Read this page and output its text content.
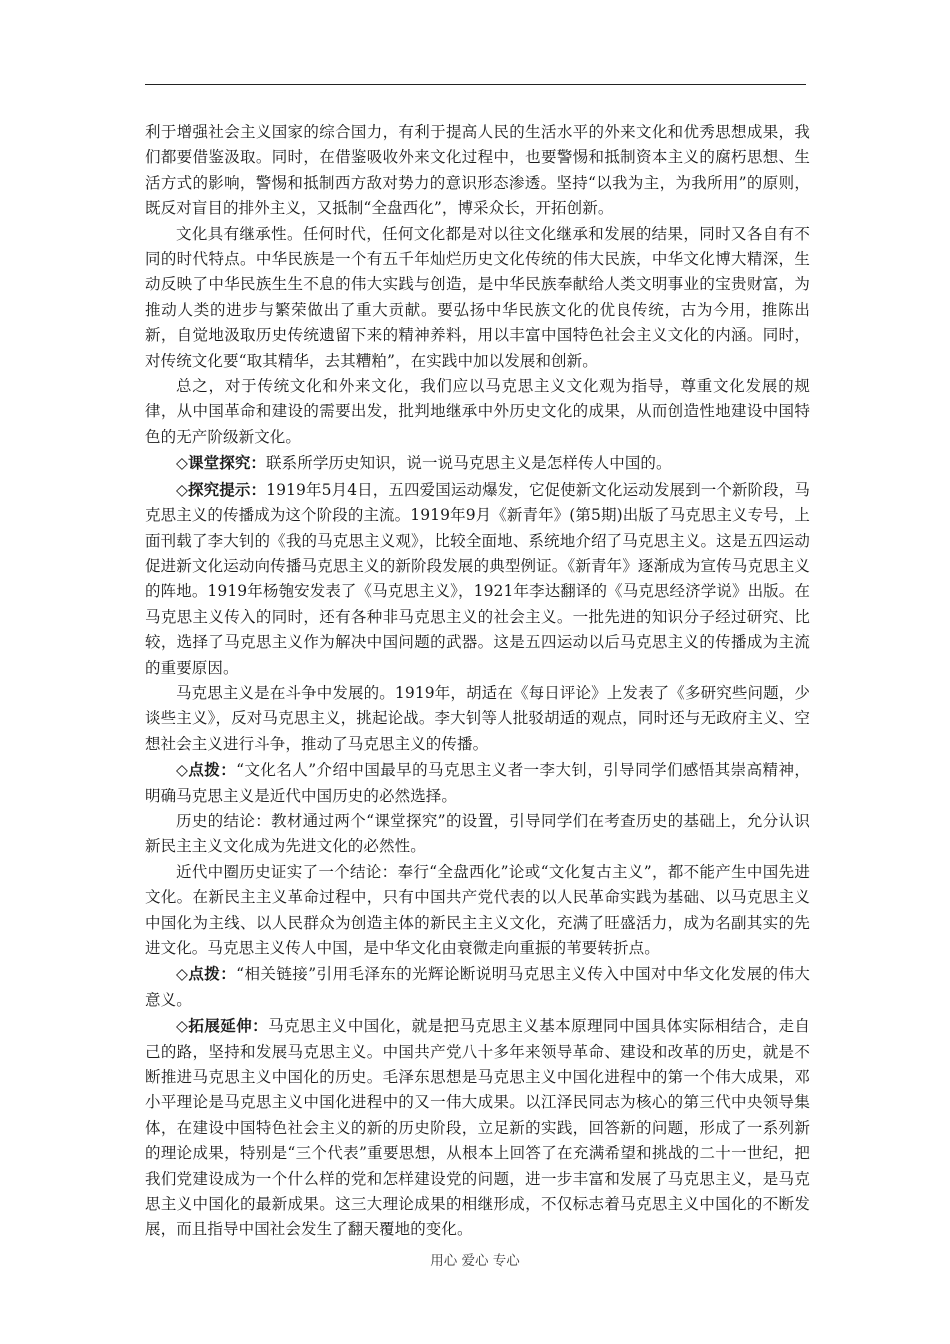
利于增强社会主义国家的综合国力，有利于提高人民的生活水平的外来文化和优秀思想成果，我们都要借鉴汲取。同时，在借鉴吸收外来文化过程中，也要警惕和抵制资本主义的腐朽思想、生活方式的影响，警惕和抵制西方敌对势力的意识形态渗透。坚持“以我为主，为我所用”的原则，既反对盲目的排外主义，又抵制“全盘西化”，博采众长，开拓创新。

文化具有继承性。任何时代，任何文化都是对以往文化继承和发展的结果，同时又各自有不同的时代特点。中华民族是一个有五千年灿烂历史文化传统的伟大民族，中华文化博大精深，生动反映了中华民族生生不息的伟大实践与创造，是中华民族奉献给人类文明事业的宝贵财富，为推动人类的进步与繁荣做出了重大贡献。要弘扬中华民族文化的优良传统，古为今用，推陈出新，自觉地汲取历史传统遗留下来的精神养料，用以丰富中国特色社会主义文化的内涵。同时，对传统文化要“取其精华，去其糟粕”，在实践中加以发展和创新。

总之，对于传统文化和外来文化，我们应以马克思主义文化观为指导，尊重文化发展的规律，从中国革命和建设的需要出发，批判地继承中外历史文化的成果，从而创造性地建设中国特色的无产阶级新文化。

◇课堂探究：联系所学历史知识，说一说马克思主义是怎样传人中国的。

◇探究提示：1919年5月4日，五四爱国运动爆发，它促使新文化运动发展到一个新阶段，马克思主义的传播成为这个阶段的主流。1919年9月《新青年》(第5期)出版了马克思主义专号，上面刊载了李大钊的《我的马克思主义观》，比较全面地、系统地介绍了马克思主义。这是五四运动促进新文化运动向传播马克思主义的新阶段发展的典型例证。《新青年》逐渐成为宣传马克思主义的阵地。1919年杨匏安发表了《马克思主义》，1921年李达翻译的《马克思经济学说》出版。在马克思主义传入的同时，还有各种非马克思主义的社会主义。一批先进的知识分子经过研究、比较，选择了马克思主义作为解决中国问题的武器。这是五四运动以后马克思主义的传播成为主流的重要原因。

马克思主义是在斗争中发展的。1919年，胡适在《每日评论》上发表了《多研究些问题，少谈些主义》，反对马克思主义，挑起论战。李大钊等人批驳胡适的观点，同时还与无政府主义、空想社会主义进行斗争，推动了马克思主义的传播。

◇点拨：“文化名人”介绍中国最早的马克思主义者一李大钊，引导同学们感悟其崇高精神，明确马克思主义是近代中国历史的必然选择。

历史的结论：教材通过两个“课堂探究”的设置，引导同学们在考查历史的基础上，允分认识新民主主义文化成为先进文化的必然性。

近代中圈历史证实了一个结论：奉行“全盘西化”论或“文化复古主义”，都不能产生中国先进文化。在新民主主义革命过程中，只有中国共产党代表的以人民革命实践为基础、以马克思主义中国化为主线、以人民群众为创造主体的新民主主义文化，充满了旺盛活力，成为名副其实的先进文化。马克思主义传人中国，是中华文化由衰微走向重振的苇要转折点。

◇点拨：“相关链接”引用毛泽东的光辉论断说明马克思主义传入中国对中华文化发展的伟大意义。

◇拓展延伸：马克思主义中国化，就是把马克思主义基本原理同中国具体实际相结合，走自己的路，坚持和发展马克思主义。中国共产党八十多年来领导革命、建设和改革的历史，就是不断推进马克思主义中国化的历史。毛泽东思想是马克思主义中国化进程中的第一个伟大成果，邓小平理论是马克思主义中国化进程中的又一伟大成果。以江泽民同志为核心的第三代中央领导集体，在建设中国特色社会主义的新的历史阶段，立足新的实践，回答新的问题，形成了一系列新的理论成果，特别是“三个代表”重要思想，从根本上回答了在充满希望和挑战的二十一世纪，把我们党建设成为一个什么样的党和怎样建设党的问题，进一步丰富和发展了马克思主义，是马克思主义中国化的最新成果。这三大理论成果的相继形成，不仅标志着马克思主义中国化的不断发展，而且指导中国社会发生了翻天覆地的变化。

用心 爱心 专心
